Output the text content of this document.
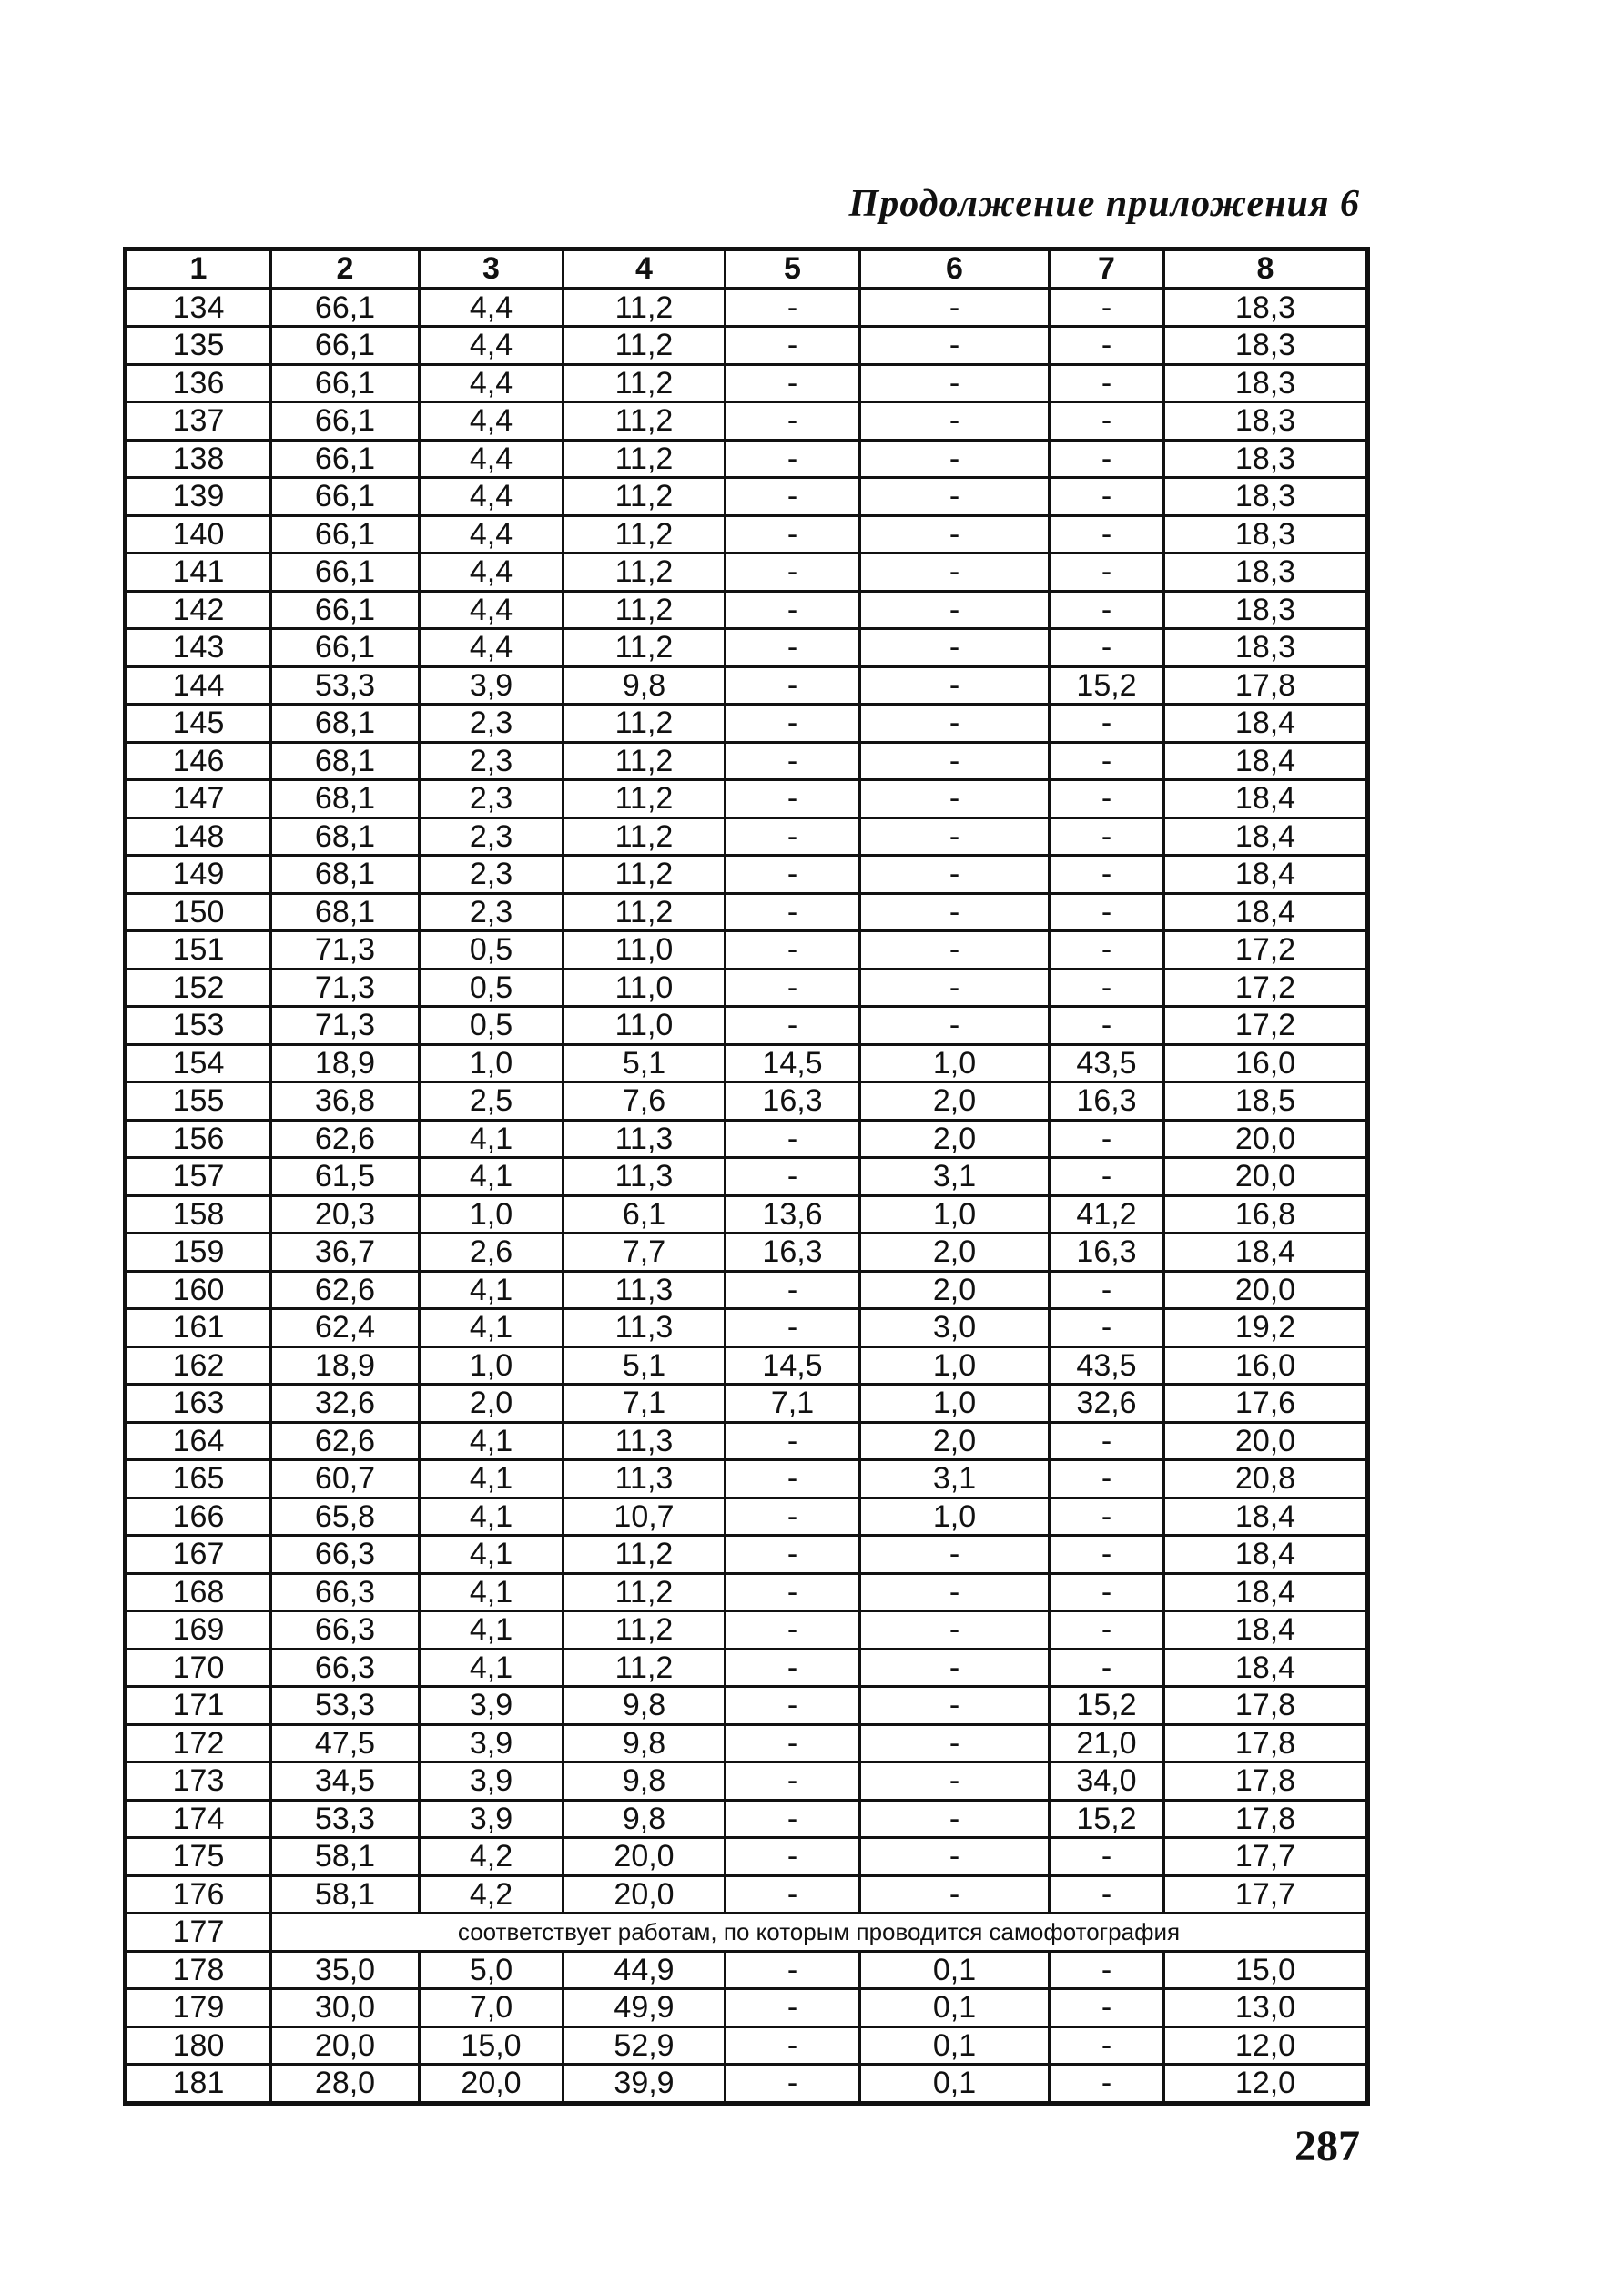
Продолжение приложения 6
1	2	3	4	5	6	7	8
134	66,1	4,4	11,2	-	-	-	18,3
135	66,1	4,4	11,2	-	-	-	18,3
136	66,1	4,4	11,2	-	-	-	18,3
137	66,1	4,4	11,2	-	-	-	18,3
138	66,1	4,4	11,2	-	-	-	18,3
139	66,1	4,4	11,2	-	-	-	18,3
140	66,1	4,4	11,2	-	-	-	18,3
141	66,1	4,4	11,2	-	-	-	18,3
142	66,1	4,4	11,2	-	-	-	18,3
143	66,1	4,4	11,2	-	-	-	18,3
144	53,3	3,9	9,8	-	-	15,2	17,8
145	68,1	2,3	11,2	-	-	-	18,4
146	68,1	2,3	11,2	-	-	-	18,4
147	68,1	2,3	11,2	-	-	-	18,4
148	68,1	2,3	11,2	-	-	-	18,4
149	68,1	2,3	11,2	-	-	-	18,4
150	68,1	2,3	11,2	-	-	-	18,4
151	71,3	0,5	11,0	-	-	-	17,2
152	71,3	0,5	11,0	-	-	-	17,2
153	71,3	0,5	11,0	-	-	-	17,2
154	18,9	1,0	5,1	14,5	1,0	43,5	16,0
155	36,8	2,5	7,6	16,3	2,0	16,3	18,5
156	62,6	4,1	11,3	-	2,0	-	20,0
157	61,5	4,1	11,3	-	3,1	-	20,0
158	20,3	1,0	6,1	13,6	1,0	41,2	16,8
159	36,7	2,6	7,7	16,3	2,0	16,3	18,4
160	62,6	4,1	11,3	-	2,0	-	20,0
161	62,4	4,1	11,3	-	3,0	-	19,2
162	18,9	1,0	5,1	14,5	1,0	43,5	16,0
163	32,6	2,0	7,1	7,1	1,0	32,6	17,6
164	62,6	4,1	11,3	-	2,0	-	20,0
165	60,7	4,1	11,3	-	3,1	-	20,8
166	65,8	4,1	10,7	-	1,0	-	18,4
167	66,3	4,1	11,2	-	-	-	18,4
168	66,3	4,1	11,2	-	-	-	18,4
169	66,3	4,1	11,2	-	-	-	18,4
170	66,3	4,1	11,2	-	-	-	18,4
171	53,3	3,9	9,8	-	-	15,2	17,8
172	47,5	3,9	9,8	-	-	21,0	17,8
173	34,5	3,9	9,8	-	-	34,0	17,8
174	53,3	3,9	9,8	-	-	15,2	17,8
175	58,1	4,2	20,0	-	-	-	17,7
176	58,1	4,2	20,0	-	-	-	17,7
177	соответствует работам, по которым проводится самофотография						
178	35,0	5,0	44,9	-	0,1	-	15,0
179	30,0	7,0	49,9	-	0,1	-	13,0
180	20,0	15,0	52,9	-	0,1	-	12,0
181	28,0	20,0	39,9	-	0,1	-	12,0
287
